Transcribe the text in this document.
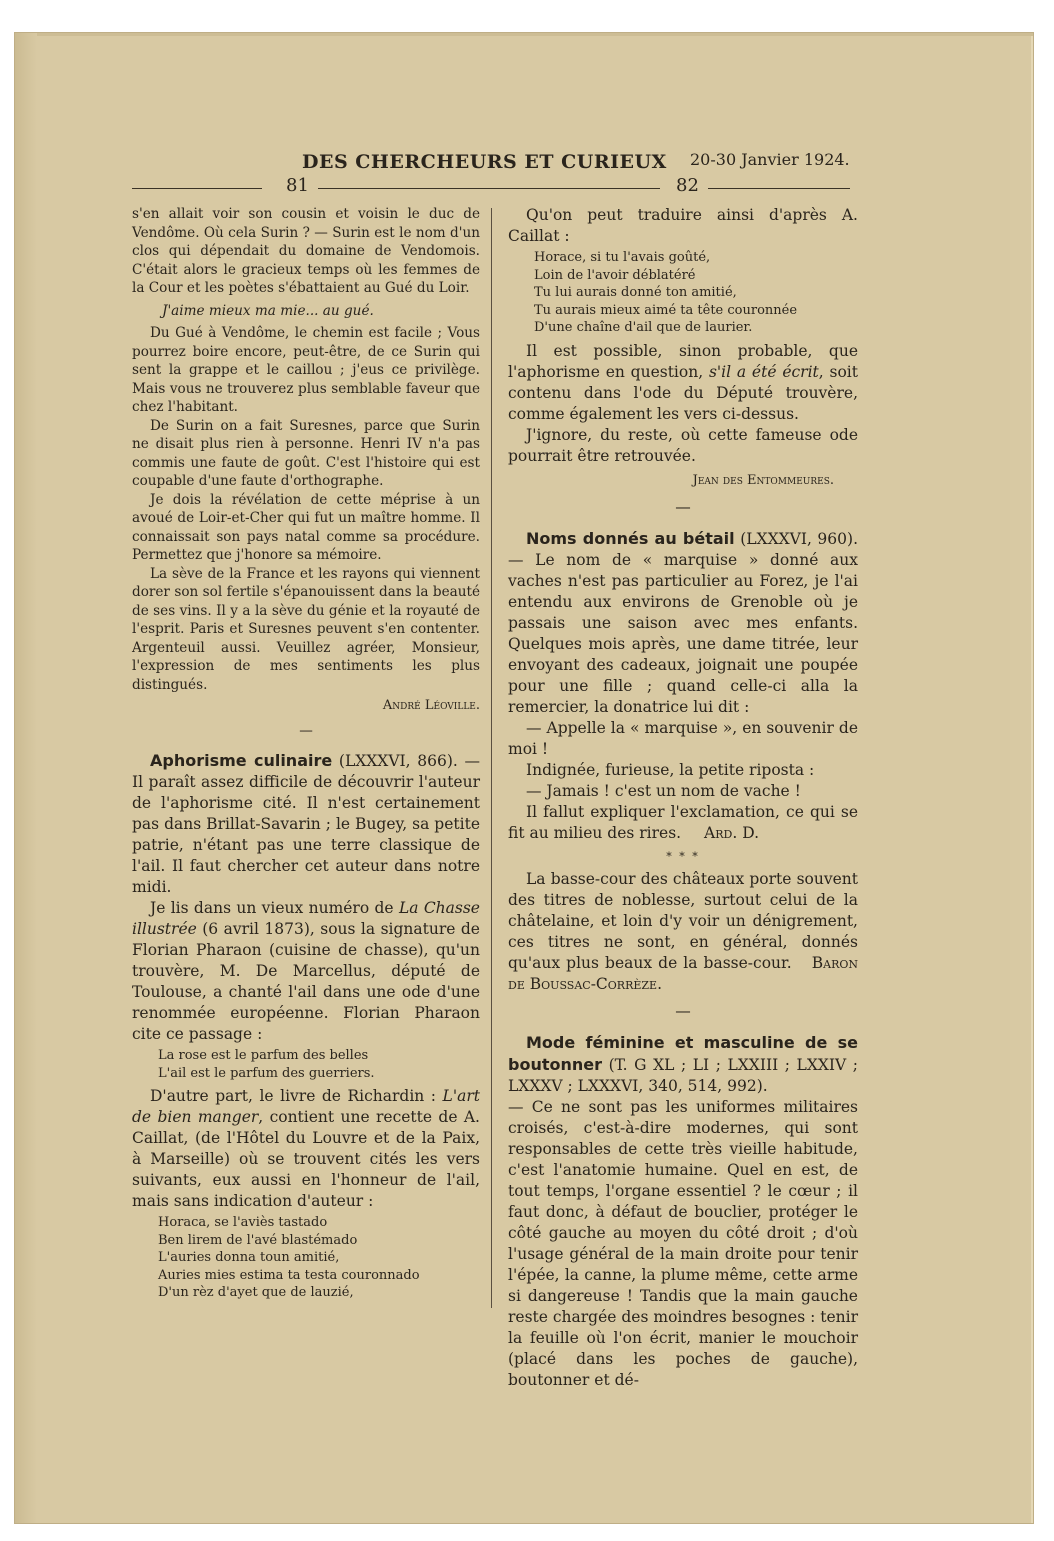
DES CHERCHEURS ET CURIEUX 20-30 Janvier 1924.
81	82

s'en allait voir son cousin et voisin le duc de Vendôme. Où cela Surin ? — Surin est le nom d'un clos qui dépendait du domaine de Vendomois. C'était alors le gracieux temps où les femmes de la Cour et les poètes s'ébattaient au Gué du Loir.

J'aime mieux ma mie... au gué.

Du Gué à Vendôme, le chemin est facile ; Vous pourrez boire encore, peut-être, de ce Surin qui sent la grappe et le caillou ; j'eus ce privilège. Mais vous ne trouverez plus semblable faveur que chez l'habitant.

De Surin on a fait Suresnes, parce que Surin ne disait plus rien à personne. Henri IV n'a pas commis une faute de goût. C'est l'histoire qui est coupable d'une faute d'orthographe.

Je dois la révélation de cette méprise à un avoué de Loir-et-Cher qui fut un maître homme. Il connaissait son pays natal comme sa procédure. Permettez que j'honore sa mémoire.

La sève de la France et les rayons qui viennent dorer son sol fertile s'épanouissent dans la beauté de ses vins. Il y a la sève du génie et la royauté de l'esprit. Paris et Suresnes peuvent s'en contenter. Argenteuil aussi. Veuillez agréer, Monsieur, l'expression de mes sentiments les plus distingués.

André Léoville.
—

Aphorisme culinaire (LXXXVI, 866). — Il paraît assez difficile de découvrir l'auteur de l'aphorisme cité. Il n'est certainement pas dans Brillat-Savarin ; le Bugey, sa petite patrie, n'étant pas une terre classique de l'ail. Il faut chercher cet auteur dans notre midi.

Je lis dans un vieux numéro de La Chasse illustrée (6 avril 1873), sous la signature de Florian Pharaon (cuisine de chasse), qu'un trouvère, M. De Marcellus, député de Toulouse, a chanté l'ail dans une ode d'une renommée européenne. Florian Pharaon cite ce passage :

La rose est le parfum des belles
L'ail est le parfum des guerriers.

D'autre part, le livre de Richardin : L'art de bien manger, contient une recette de A. Caillat, (de l'Hôtel du Louvre et de la Paix, à Marseille) où se trouvent cités les vers suivants, eux aussi en l'honneur de l'ail, mais sans indication d'auteur :

Horaca, se l'aviès tastado
Ben lirem de l'avé blastémado
L'auries donna toun amitié,
Auries mies estima ta testa couronnado
D'un rèz d'ayet que de lauzié,

Qu'on peut traduire ainsi d'après A. Caillat :

Horace, si tu l'avais goûté,
Loin de l'avoir déblatéré
Tu lui aurais donné ton amitié,
Tu aurais mieux aimé ta tête couronnée
D'une chaîne d'ail que de laurier.

Il est possible, sinon probable, que l'aphorisme en question, s'il a été écrit, soit contenu dans l'ode du Député trouvère, comme également les vers ci-dessus.

J'ignore, du reste, où cette fameuse ode pourrait être retrouvée.

Jean des Entommeures.
—

Noms donnés au bétail (LXXXVI, 960). — Le nom de « marquise » donné aux vaches n'est pas particulier au Forez, je l'ai entendu aux environs de Grenoble où je passais une saison avec mes enfants. Quelques mois après, une dame titrée, leur envoyant des cadeaux, joignait une poupée pour une fille ; quand celle-ci alla la remercier, la donatrice lui dit :

— Appelle la « marquise », en souvenir de moi !

Indignée, furieuse, la petite riposta :

— Jamais ! c'est un nom de vache !

Il fallut expliquer l'exclamation, ce qui se fit au milieu des rires. Ard. D.

* * *

La basse-cour des châteaux porte souvent des titres de noblesse, surtout celui de la châtelaine, et loin d'y voir un dénigrement, ces titres ne sont, en général, donnés qu'aux plus beaux de la basse-cour. Baron de Boussac-Corrèze.

—

Mode féminine et masculine de se boutonner (T. G XL ; LI ; LXXIII ; LXXIV ; LXXXV ; LXXXVI, 340, 514, 992).

— Ce ne sont pas les uniformes militaires croisés, c'est-à-dire modernes, qui sont responsables de cette très vieille habitude, c'est l'anatomie humaine. Quel en est, de tout temps, l'organe essentiel ? le cœur ; il faut donc, à défaut de bouclier, protéger le côté gauche au moyen du côté droit ; d'où l'usage général de la main droite pour tenir l'épée, la canne, la plume même, cette arme si dangereuse ! Tandis que la main gauche reste chargée des moindres besognes : tenir la feuille où l'on écrit, manier le mouchoir (placé dans les poches de gauche), boutonner et dé-
